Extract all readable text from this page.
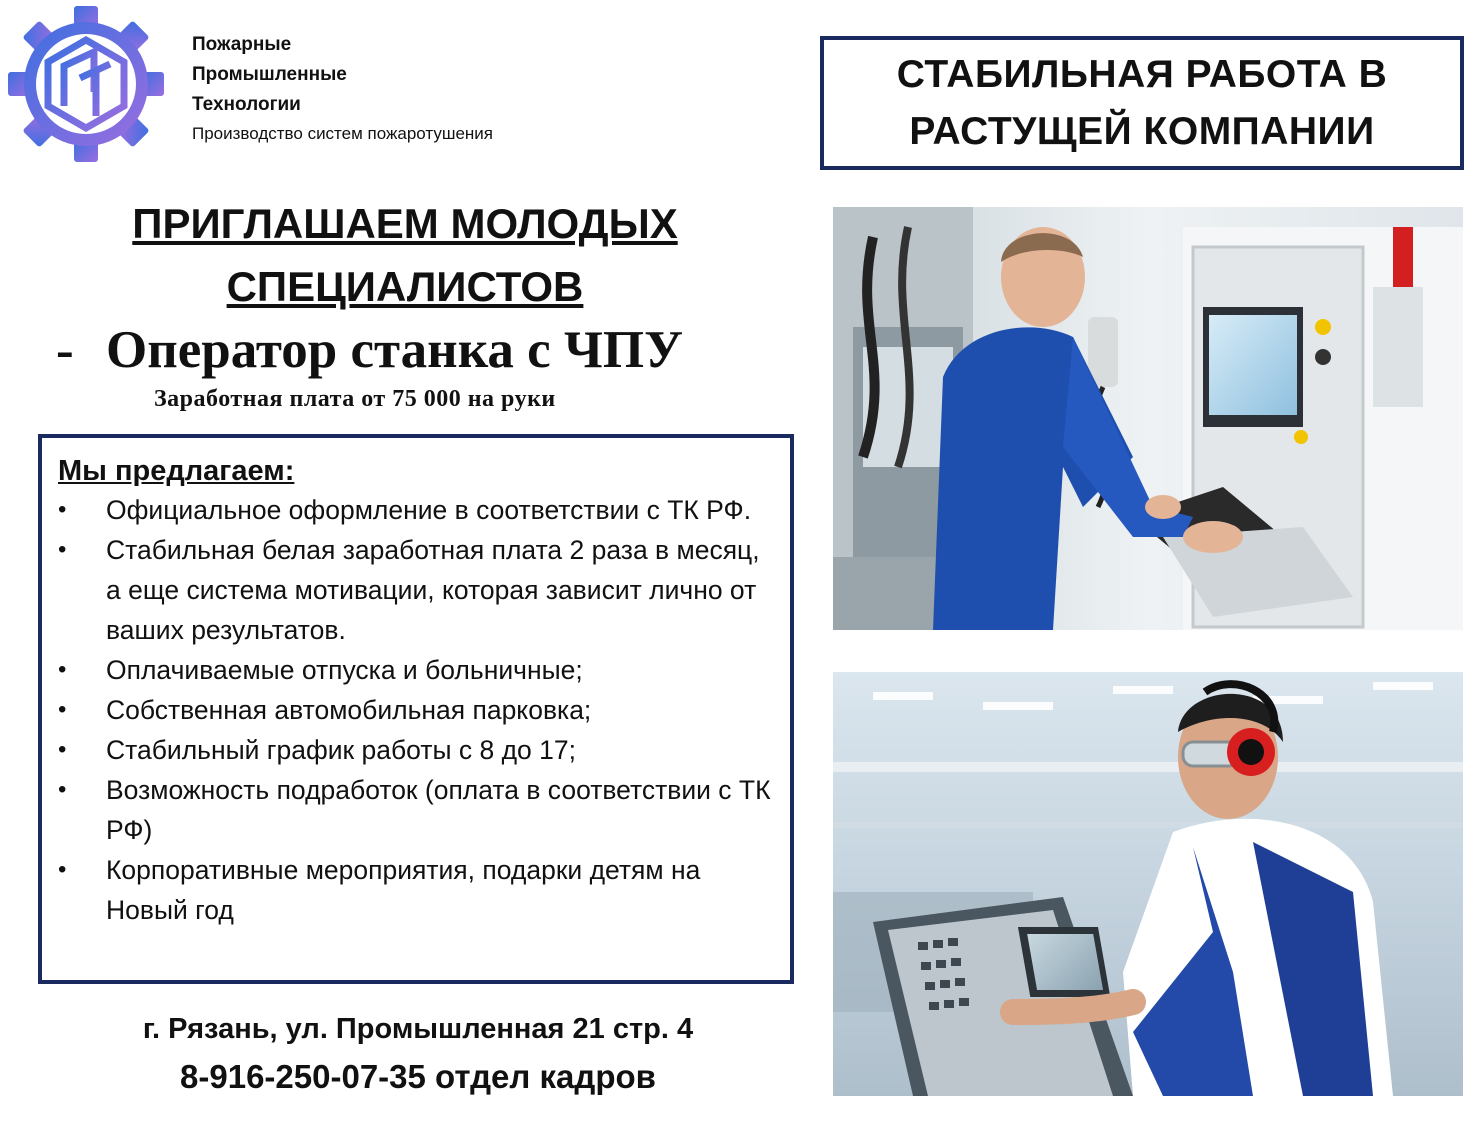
Пожарные
Промышленные
Технологии
Производство систем пожаротушения
СТАБИЛЬНАЯ РАБОТА В
РАСТУЩЕЙ КОМПАНИИ
ПРИГЛАШАЕМ МОЛОДЫХ
СПЕЦИАЛИСТОВ
- Оператор станка с ЧПУ
Заработная плата от 75 000 на руки
Мы предлагаем:
• Официальное оформление в соответствии с ТК РФ.
• Стабильная белая заработная плата 2 раза в месяц, а еще система мотивации, которая зависит лично от ваших результатов.
• Оплачиваемые отпуска и больничные;
• Собственная автомобильная парковка;
• Стабильный график работы с 8 до 17;
• Возможность подработок (оплата в соответствии с ТК РФ)
• Корпоративные мероприятия, подарки детям на Новый год
г. Рязань, ул. Промышленная 21 стр. 4
8-916-250-07-35 отдел кадров
